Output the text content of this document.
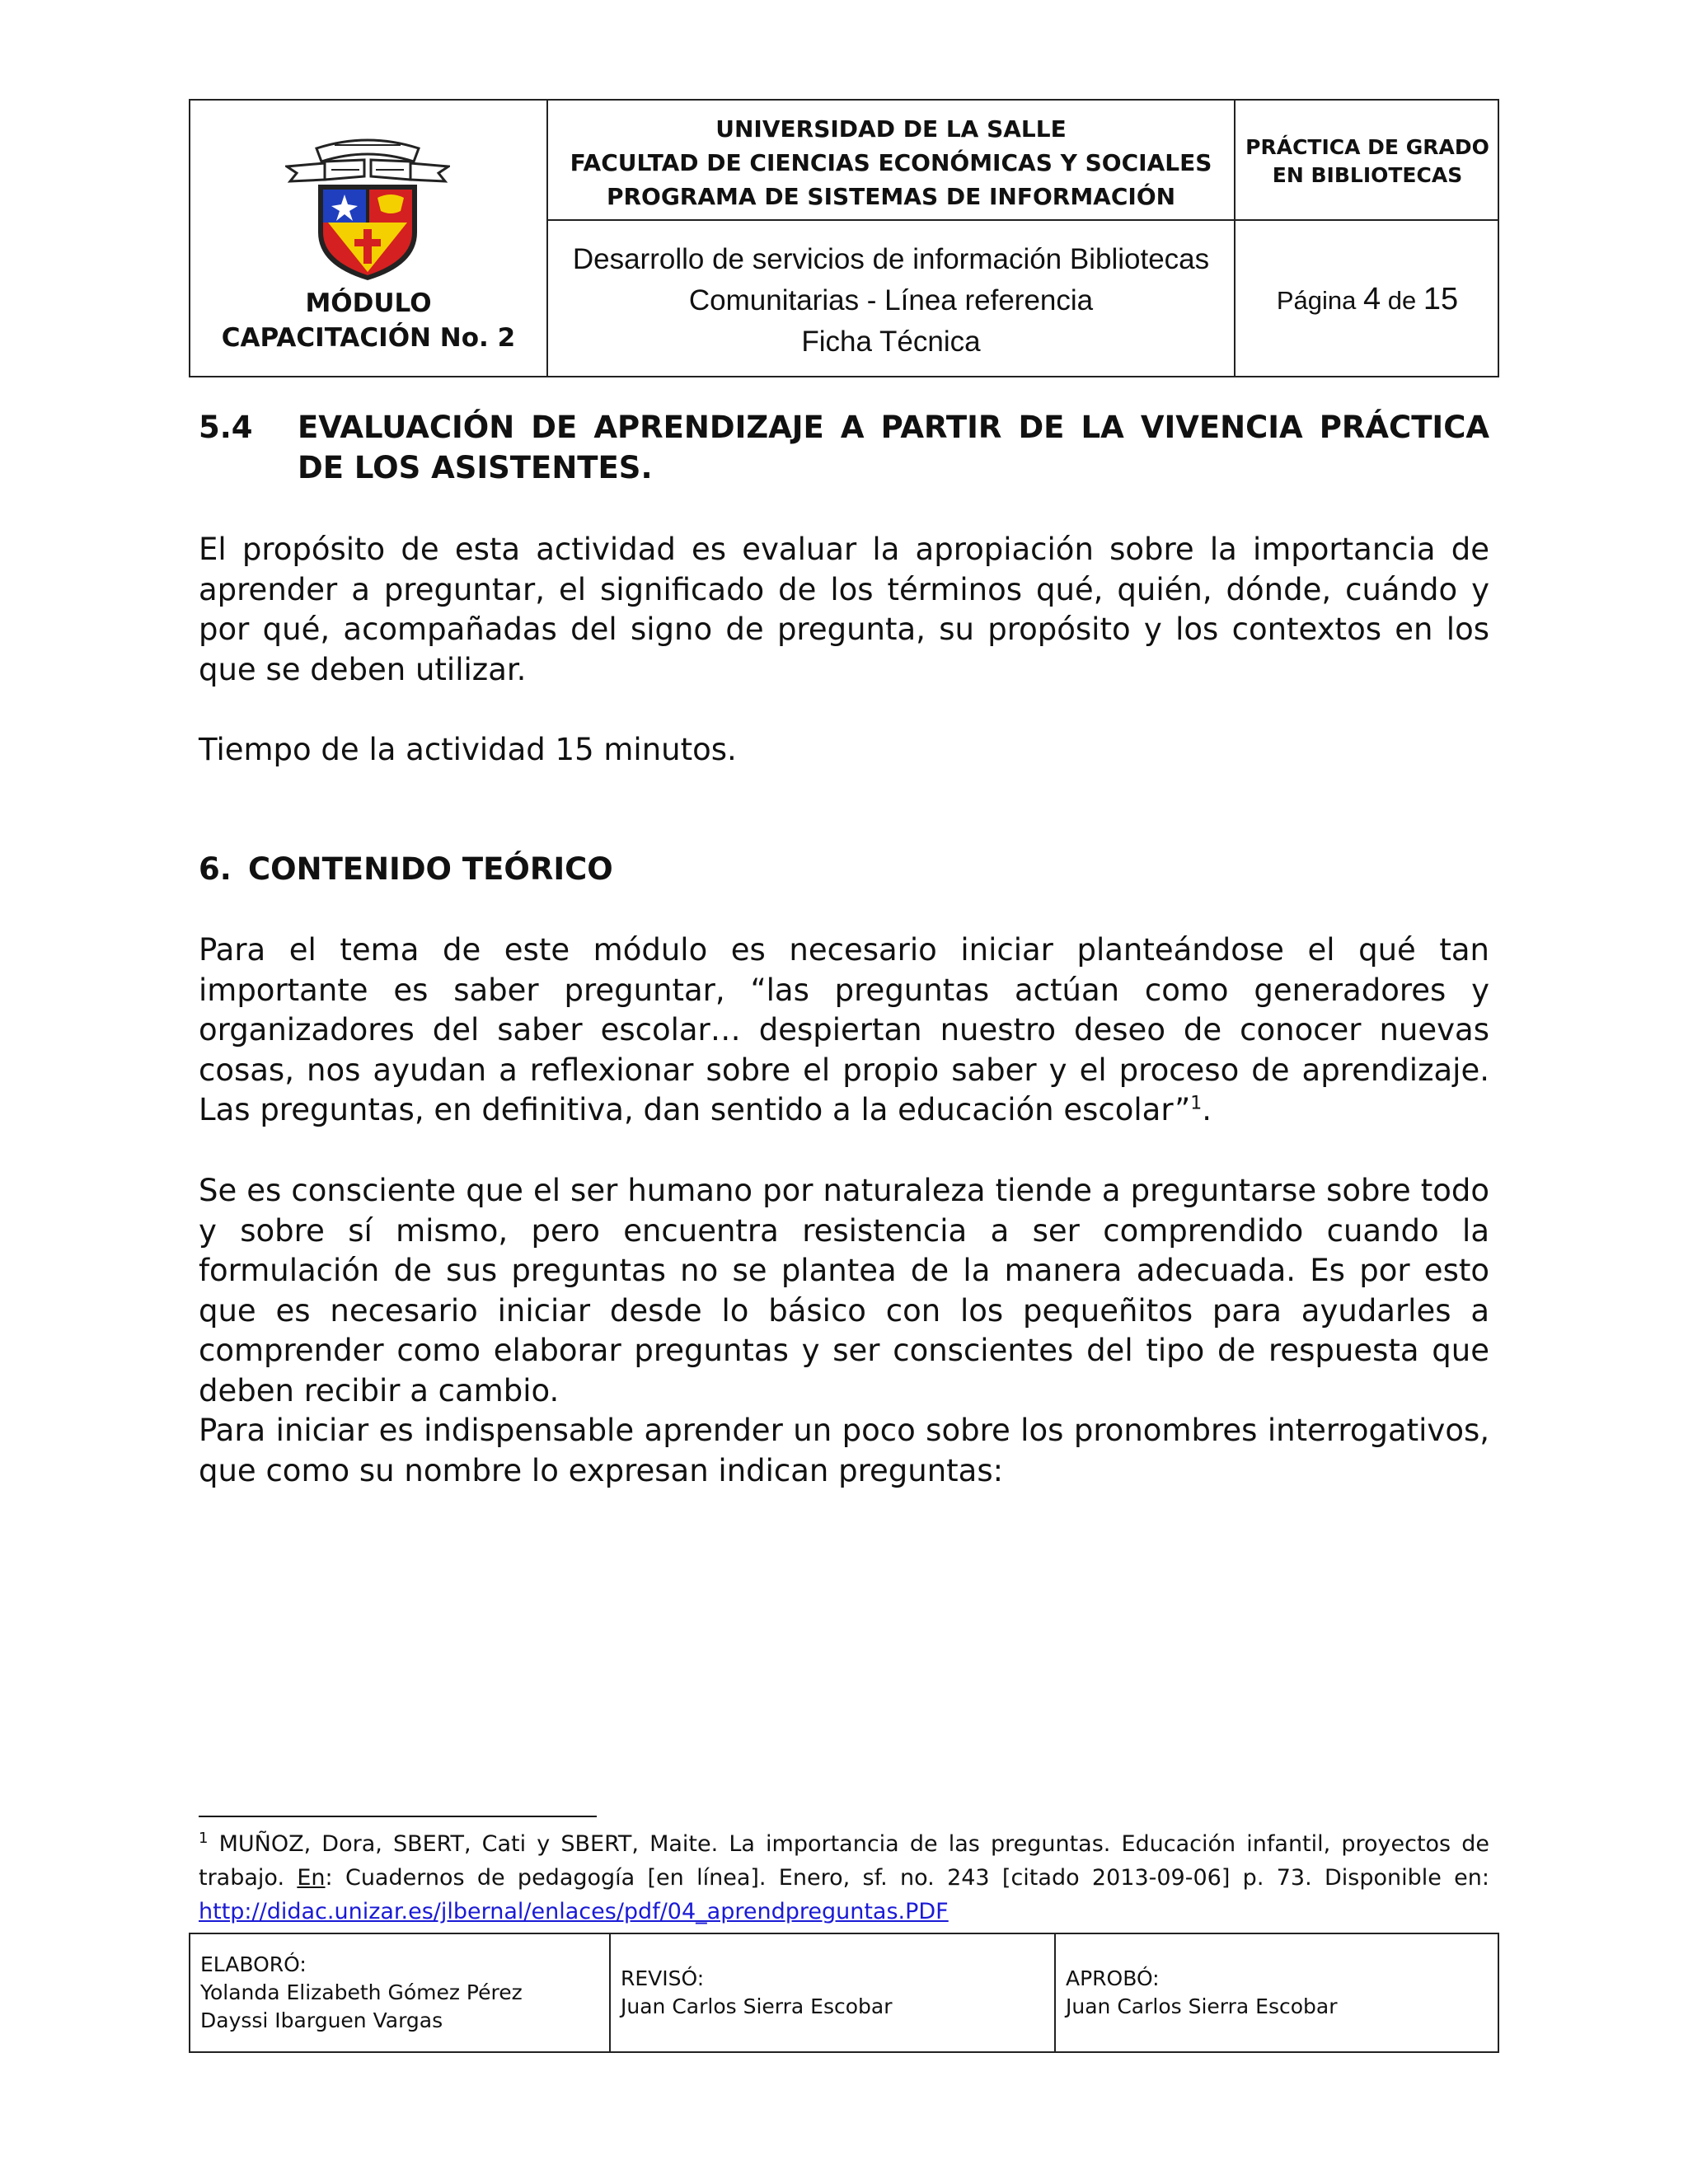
MÓDULO
CAPACITACIÓN No. 2
UNIVERSIDAD DE LA SALLE
FACULTAD DE CIENCIAS ECONÓMICAS Y SOCIALES
PROGRAMA DE SISTEMAS DE INFORMACIÓN
Desarrollo de servicios de información Bibliotecas
Comunitarias - Línea referencia
Ficha Técnica
PRÁCTICA DE GRADO
EN BIBLIOTECAS
Página 4 de 15
5.4 EVALUACIÓN DE APRENDIZAJE A PARTIR DE LA VIVENCIA PRÁCTICA DE LOS ASISTENTES.
El propósito de esta actividad es evaluar la apropiación sobre la importancia de aprender a preguntar, el significado de los términos qué, quién, dónde, cuándo y por qué, acompañadas del signo de pregunta, su propósito y los contextos en los que se deben utilizar.
Tiempo de la actividad 15 minutos.
6. CONTENIDO TEÓRICO
Para el tema de este módulo es necesario iniciar planteándose el qué tan importante es saber preguntar, “las preguntas actúan como generadores y organizadores del saber escolar… despiertan nuestro deseo de conocer nuevas cosas, nos ayudan a reflexionar sobre el propio saber y el proceso de aprendizaje. Las preguntas, en definitiva, dan sentido a la educación escolar”$^1$.
Se es consciente que el ser humano por naturaleza tiende a preguntarse sobre todo y sobre sí mismo, pero encuentra resistencia a ser comprendido cuando la formulación de sus preguntas no se plantea de la manera adecuada. Es por esto que es necesario iniciar desde lo básico con los pequeñitos para ayudarles a comprender como elaborar preguntas y ser conscientes del tipo de respuesta que deben recibir a cambio.
Para iniciar es indispensable aprender un poco sobre los pronombres interrogativos, que como su nombre lo expresan indican preguntas:
$^1$ MUÑOZ, Dora, SBERT, Cati y SBERT, Maite. La importancia de las preguntas. Educación infantil, proyectos de trabajo. En: Cuadernos de pedagogía [en línea]. Enero, sf. no. 243 [citado 2013-09-06] p. 73. Disponible en: http://didac.unizar.es/jlbernal/enlaces/pdf/04_aprendpreguntas.PDF
ELABORÓ:
Yolanda Elizabeth Gómez Pérez
Dayssi Ibarguen Vargas
REVISÓ:
Juan Carlos Sierra Escobar
APROBÓ:
Juan Carlos Sierra Escobar
